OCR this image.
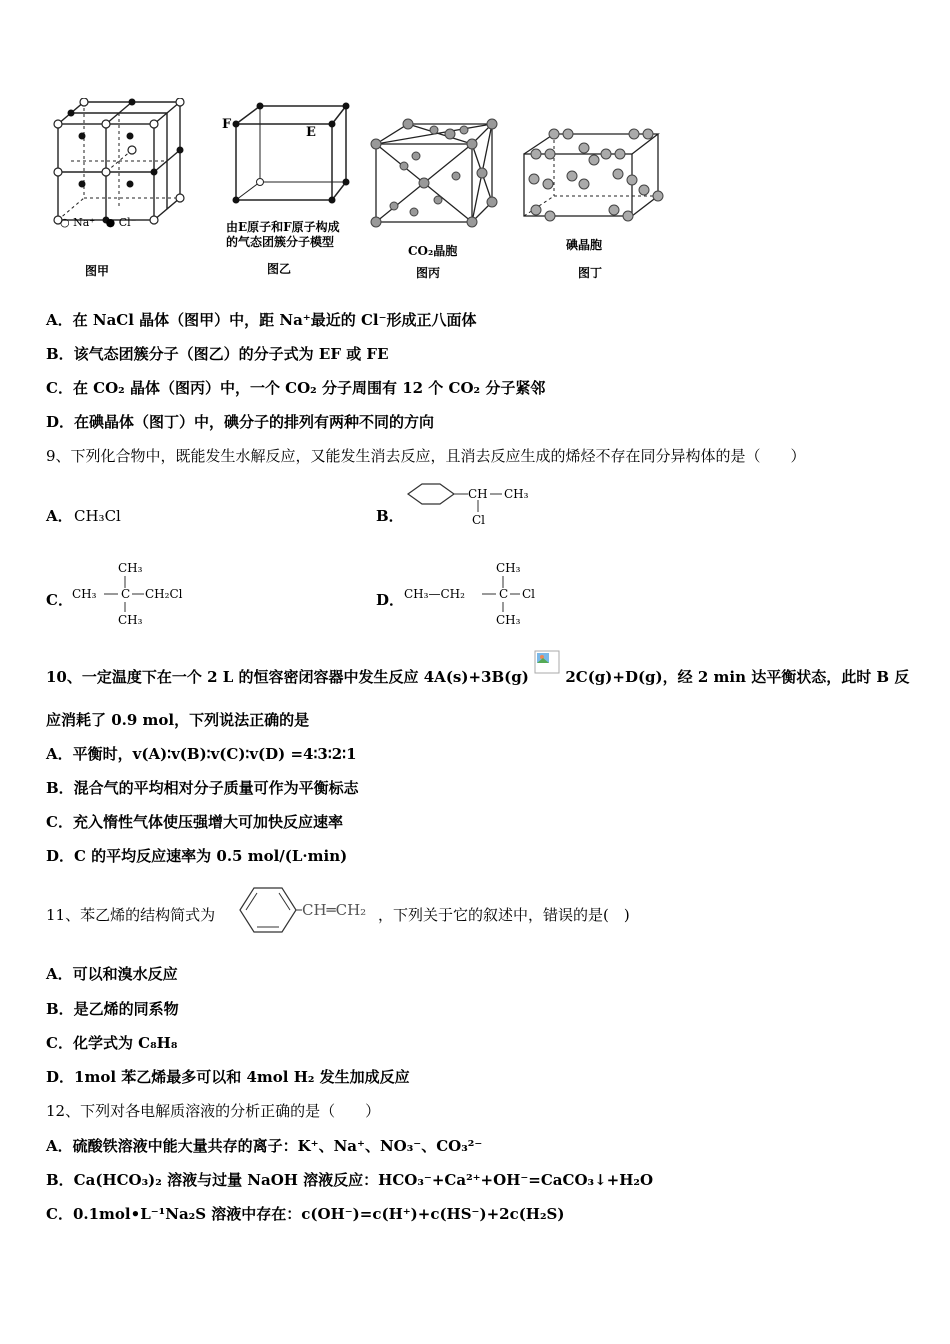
○ Na⁺ ● Cl⁻
图甲
F
E
由E原子和F原子构成
的气态团簇分子模型
图乙
CO₂晶胞
图丙
碘晶胞
图丁
A．在 NaCl 晶体（图甲）中，距 Na⁺最近的 Cl⁻形成正八面体
B．该气态团簇分子（图乙）的分子式为 EF 或 FE
C．在 CO₂ 晶体（图丙）中，一个 CO₂ 分子周围有 12 个 CO₂ 分子紧邻
D．在碘晶体（图丁）中，碘分子的排列有两种不同的方向
9、下列化合物中，既能发生水解反应，又能发生消去反应，且消去反应生成的烯烃不存在同分异构体的是（　　）
A． CH₃Cl	B．
CH CH₃
Cl
C．
CH₃
CH₃ C CH₂Cl
CH₃
D．
CH₃
CH₃—CH₂	C Cl
CH₃
10、一定温度下在一个 2 L 的恒容密闭容器中发生反应 4A(s)+3B(g) 2C(g)+D(g)，经 2 min 达平衡状态，此时 B 反
应消耗了 0.9 mol，下列说法正确的是
A．平衡时，v(A)∶v(B)∶v(C)∶v(D) =4∶3∶2∶1
B．混合气的平均相对分子质量可作为平衡标志
C．充入惰性气体使压强增大可加快反应速率
D．C 的平均反应速率为 0.5 mol/(L·min)
11、苯乙烯的结构简式为	CH═CH₂ ，下列关于它的叙述中，错误的是(　)
A．可以和溴水反应
B．是乙烯的同系物
C．化学式为 C₈H₈
D．1mol 苯乙烯最多可以和 4mol H₂ 发生加成反应
12、下列对各电解质溶液的分析正确的是（　　）
A．硫酸铁溶液中能大量共存的离子：K⁺、Na⁺、NO₃⁻、CO₃²⁻
B．Ca(HCO₃)₂ 溶液与过量 NaOH 溶液反应：HCO₃⁻+Ca²⁺+OH⁻=CaCO₃↓+H₂O
C．0.1mol•L⁻¹Na₂S 溶液中存在：c(OH⁻)=c(H⁺)+c(HS⁻)+2c(H₂S)
